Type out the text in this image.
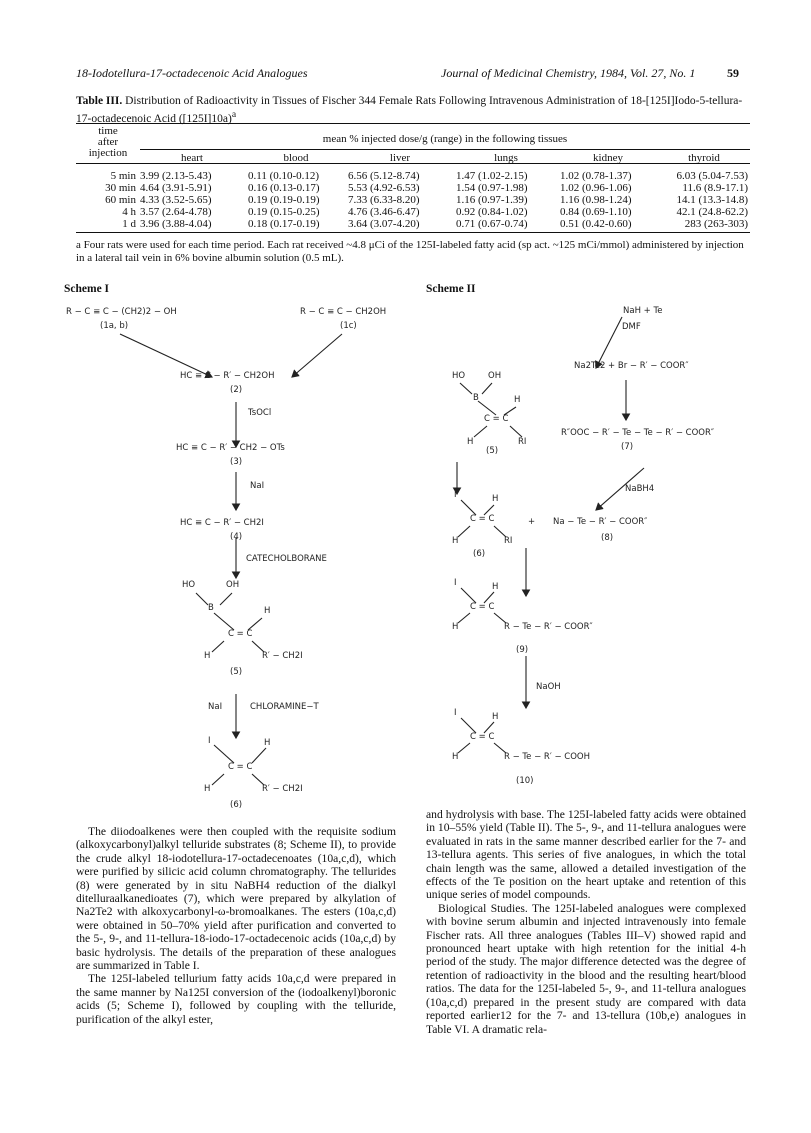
18-Iodotellura-17-octadecenoic Acid Analogues	Journal of Medicinal Chemistry, 1984, Vol. 27, No. 1	59
Table III. Distribution of Radioactivity in Tissues of Fischer 344 Female Rats Following Intravenous Administration of 18-[125I]Iodo-5-tellura-17-octadecenoic Acid $([125I]10a)^a$
time
after
injection
mean % injected dose/g (range) in the following tissues
	heart	blood	liver	lungs	kidney	thyroid

5 min	3.99 (2.13-5.43)	0.11 (0.10-0.12)	6.56 (5.12-8.74)	1.47 (1.02-2.15)	1.02 (0.78-1.37)	6.03 (5.04-7.53)
30 min	4.64 (3.91-5.91)	0.16 (0.13-0.17)	5.53 (4.92-6.53)	1.54 (0.97-1.98)	1.02 (0.96-1.06)	11.6 (8.9-17.1)
60 min	4.33 (3.52-5.65)	0.19 (0.19-0.19)	7.33 (6.33-8.20)	1.16 (0.97-1.39)	1.16 (0.98-1.24)	14.1 (13.3-14.8)
4 h	3.57 (2.64-4.78)	0.19 (0.15-0.25)	4.76 (3.46-6.47)	0.92 (0.84-1.02)	0.84 (0.69-1.10)	42.1 (24.8-62.2)
1 d	3.96 (3.88-4.04)	0.18 (0.17-0.19)	3.64 (3.07-4.20)	0.71 (0.67-0.74)	0.51 (0.42-0.60)	283 (263-303)
a Four rats were used for each time period. Each rat received ~4.8 μCi of the 125I-labeled fatty acid (sp act. ~125 mCi/mmol) administered by injection in a lateral tail vein in 6% bovine albumin solution (0.5 mL).
Scheme I	Scheme II
R − C ≡ C − (CH2)2 − OH
(1a, b)
R − C ≡ C − CH2OH
(1c)
HC ≡ C − R′ − CH2OH
(2)
TsOCl
HC ≡ C − R′ − CH2 − OTs
(3)
NaI
HC ≡ C − R′ − CH2I
(4)
CATECHOLBORANE
HO	OH
B	H
C = C
H	R′ − CH2I
(5)
NaI	CHLORAMINE−T
I	H
C = C
H	R′ − CH2I
(6)
NaH + Te
DMF
Na2Te2 + Br − R′ − COOR″
R″OOC − R′ − Te − Te − R′ − COOR″
(7)
NaBH4
+ Na − Te − R′ − COOR″
(8)
HO	OH
B	H
C = C
H	RI
(5)
I	H
C = C
H	RI
(6)
I	H
C = C
H	R − Te − R′ − COOR″
(9)
NaOH
I	H
C = C
H	R − Te − R′ − COOH
(10)

The diiodoalkenes were then coupled with the requisite sodium (alkoxycarbonyl)alkyl telluride substrates (8; Scheme II), to provide the crude alkyl 18-iodotellura-17-octadecenoates (10a,c,d), which were purified by silicic acid column chromatography. The tellurides (8) were generated by in situ NaBH4 reduction of the dialkyl ditelluraalkanedioates (7), which were prepared by alkylation of Na2Te2 with alkoxycarbonyl-ω-bromoalkanes. The esters (10a,c,d) were obtained in 50–70% yield after purification and converted to the 5-, 9-, and 11-tellura-18-iodo-17-octadecenoic acids (10a,c,d) by basic hydrolysis. The details of the preparation of these analogues are summarized in Table I.

The 125I-labeled tellurium fatty acids 10a,c,d were prepared in the same manner by Na125I conversion of the (iodoalkenyl)boronic acids (5; Scheme I), followed by coupling with the telluride, purification of the alkyl ester,

and hydrolysis with base. The 125I-labeled fatty acids were obtained in 10–55% yield (Table II). The 5-, 9-, and 11-tellura analogues were evaluated in rats in the same manner described earlier for the 7- and 13-tellura agents. This series of five analogues, in which the total chain length was the same, allowed a detailed investigation of the effects of the Te position on the heart uptake and retention of this unique series of model compounds.

Biological Studies. The 125I-labeled analogues were complexed with bovine serum albumin and injected intravenously into female Fischer rats. All three analogues (Tables III–V) showed rapid and pronounced heart uptake with high retention for the initial 4-h period of the study. The major difference detected was the degree of retention of radioactivity in the blood and the resulting heart/blood ratios. The data for the 125I-labeled 5-, 9-, and 11-tellura analogues (10a,c,d) prepared in the present study are compared with data reported earlier12 for the 7- and 13-tellura (10b,e) analogues in Table VI. A dramatic rela-
